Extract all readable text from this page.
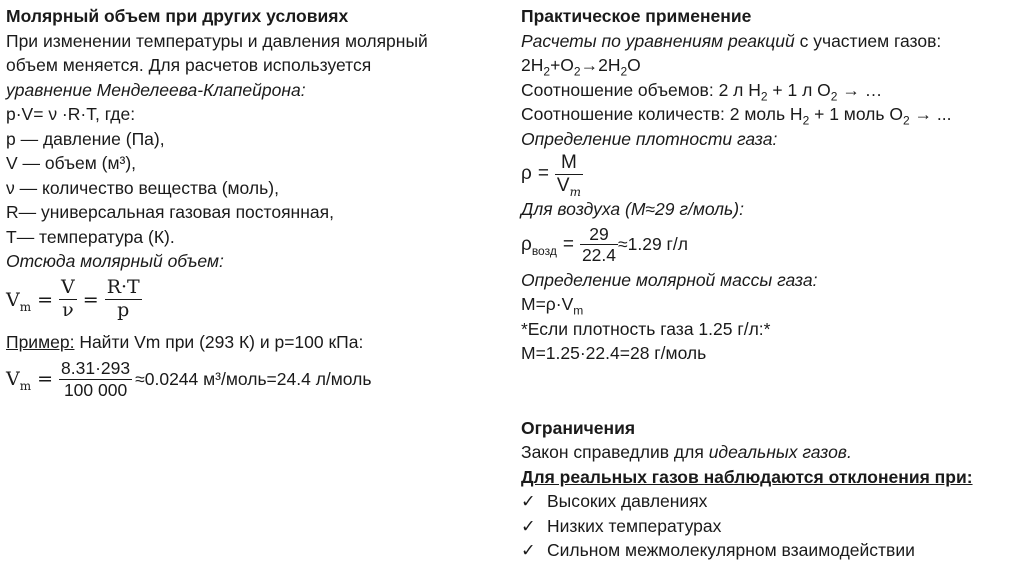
Молярный объем при других условиях
При изменении температуры и давления молярный
объем меняется. Для расчетов используется
уравнение Менделеева-Клапейрона:
p·V= ν ·R·T, где:
p — давление (Па),
V — объем (м³),
ν — количество вещества (моль),
R— универсальная газовая постоянная,
T— температура (К).
Отсюда молярный объем:
$V_m = \frac{V}{\nu} = \frac{R\cdot T}{p}$
Пример: Найти Vm при (293 К) и p=100 кПа:
$V_m = \frac{8.31\cdot 293}{100 000} \approx 0.0244$ м³/моль=24.4 л/моль
Практическое применение
Расчеты по уравнениям реакций с участием газов:
$2H_2+O_2\to 2H_2O$
Соотношение объемов: 2 л $H_2 + 1$ л $O_2$ → …
Соотношение количеств: 2 моль $H_2 + 1$ моль $O_2$ → ...
Определение плотности газа:
$\rho = \frac{M}{V_m}$
Для воздуха (M≈29 г/моль):
$\rho_{возд} = \frac{29}{22.4} \approx 1.29$ г/л
Определение молярной массы газа:
$M=\rho\cdot V_m$
*Если плотность газа 1.25 г/л:*
M=1.25·22.4=28 г/моль
Ограничения
Закон справедлив для идеальных газов.
Для реальных газов наблюдаются отклонения при:
✓ Высоких давлениях
✓ Низких температурах
✓ Сильном межмолекулярном взаимодействии
